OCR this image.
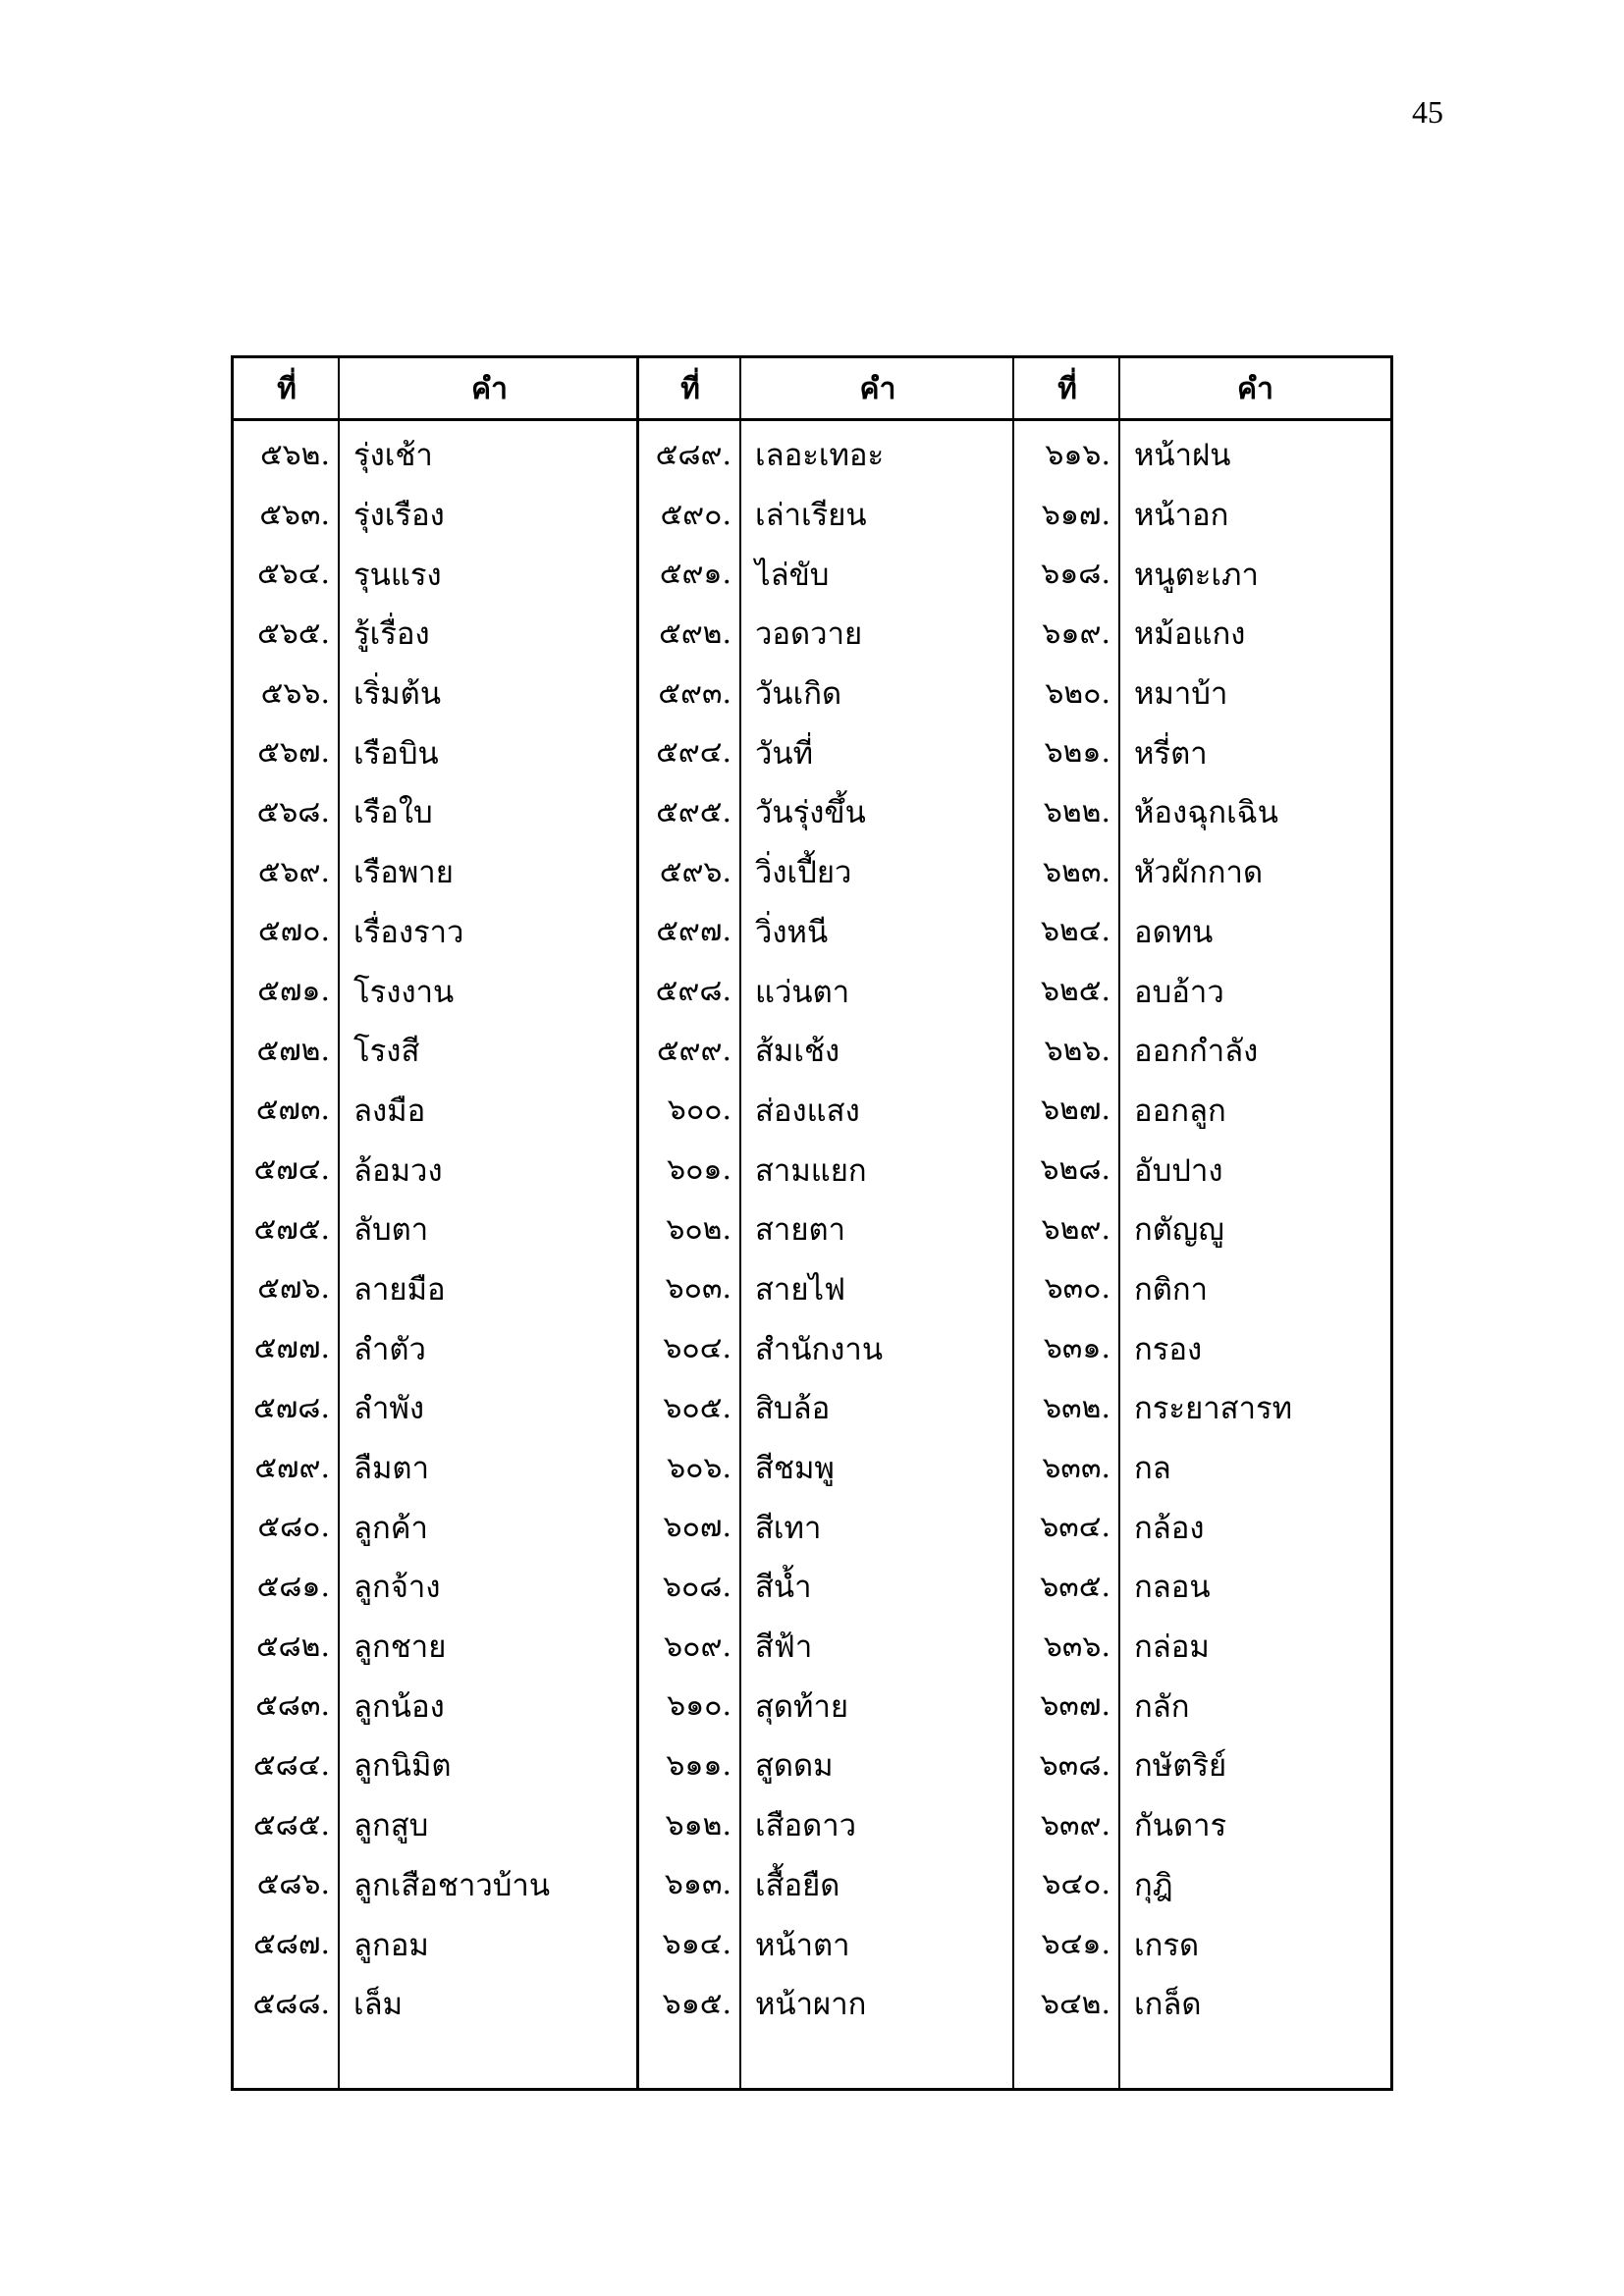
45
ที่	คำ	ที่	คำ	ที่	คำ
๕๖๒. รุ่งเช้า	๕๘๙. เลอะเทอะ	๖๑๖. หน้าฝน
๕๖๓. รุ่งเรือง	๕๙๐. เล่าเรียน	๖๑๗. หน้าอก
๕๖๔. รุนแรง	๕๙๑. ไล่ขับ	๖๑๘. หนูตะเภา
๕๖๕. รู้เรื่อง	๕๙๒. วอดวาย	๖๑๙. หม้อแกง
๕๖๖. เริ่มต้น	๕๙๓. วันเกิด	๖๒๐. หมาบ้า
๕๖๗. เรือบิน	๕๙๔. วันที่	๖๒๑. หรี่ตา
๕๖๘. เรือใบ	๕๙๕. วันรุ่งขึ้น	๖๒๒. ห้องฉุกเฉิน
๕๖๙. เรือพาย	๕๙๖. วิ่งเปี้ยว	๖๒๓. หัวผักกาด
๕๗๐. เรื่องราว	๕๙๗. วิ่งหนี	๖๒๔. อดทน
๕๗๑. โรงงาน	๕๙๘. แว่นตา	๖๒๕. อบอ้าว
๕๗๒. โรงสี	๕๙๙. ส้มเช้ง	๖๒๖. ออกกำลัง
๕๗๓. ลงมือ	๖๐๐. ส่องแสง	๖๒๗. ออกลูก
๕๗๔. ล้อมวง	๖๐๑. สามแยก	๖๒๘. อับปาง
๕๗๕. ลับตา	๖๐๒. สายตา	๖๒๙. กตัญญู
๕๗๖. ลายมือ	๖๐๓. สายไฟ	๖๓๐. กติกา
๕๗๗. ลำตัว	๖๐๔. สำนักงาน	๖๓๑. กรอง
๕๗๘. ลำพัง	๖๐๕. สิบล้อ	๖๓๒. กระยาสารท
๕๗๙. ลืมตา	๖๐๖. สีชมพู	๖๓๓. กล
๕๘๐. ลูกค้า	๖๐๗. สีเทา	๖๓๔. กล้อง
๕๘๑. ลูกจ้าง	๖๐๘. สีน้ำ	๖๓๕. กลอน
๕๘๒. ลูกชาย	๖๐๙. สีฟ้า	๖๓๖. กล่อม
๕๘๓. ลูกน้อง	๖๑๐. สุดท้าย	๖๓๗. กลัก
๕๘๔. ลูกนิมิต	๖๑๑. สูดดม	๖๓๘. กษัตริย์
๕๘๕. ลูกสูบ	๖๑๒. เสือดาว	๖๓๙. กันดาร
๕๘๖. ลูกเสือชาวบ้าน	๖๑๓. เสื้อยืด	๖๔๐. กุฎิ
๕๘๗. ลูกอม	๖๑๔. หน้าตา	๖๔๑. เกรด
๕๘๘. เล็ม	๖๑๕. หน้าผาก	๖๔๒. เกล็ด
